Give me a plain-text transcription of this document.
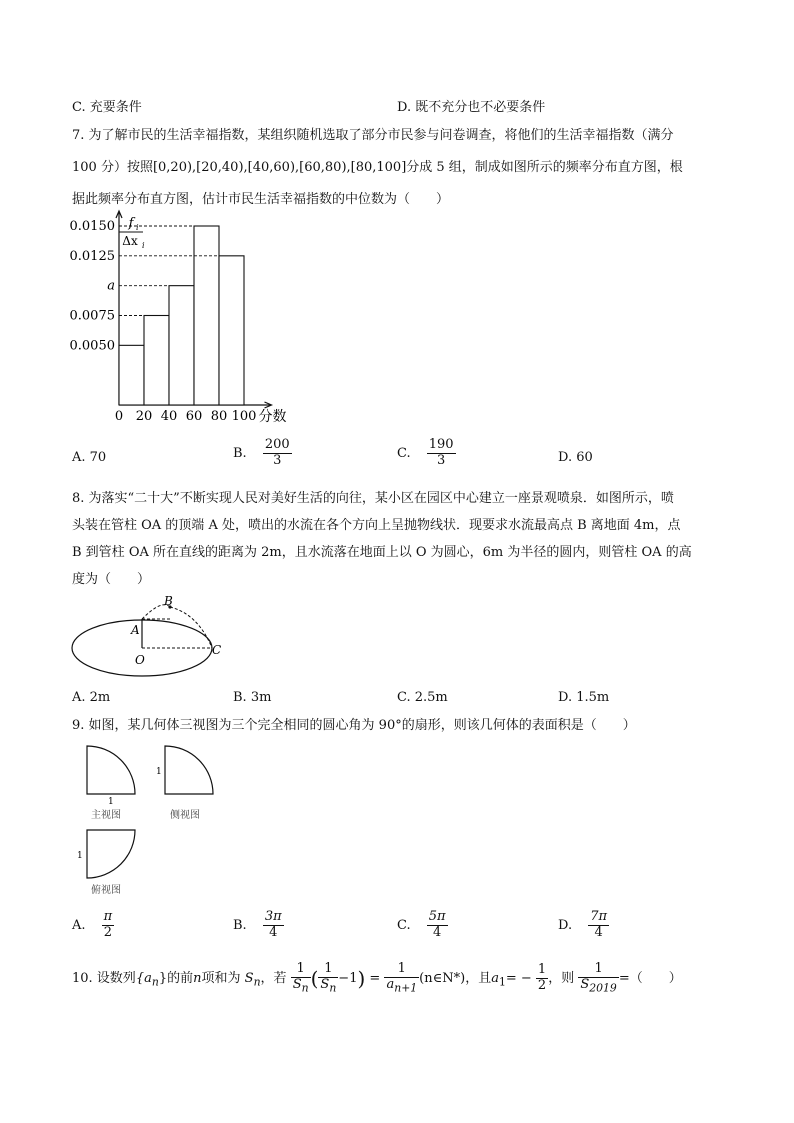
C. 充要条件	D. 既不充分也不必要条件
7. 为了解市民的生活幸福指数，某组织随机选取了部分市民参与问卷调查，将他们的生活幸福指数（满分
100 分）按照[0,20),[20,40),[40,60),[60,80),[80,100]分成 5 组，制成如图所示的频率分布直方图，根
据此频率分布直方图，估计市民生活幸福指数的中位数为（　　）
0.0150
0.0125
a
0.0075
0.0050
0 20 40 60 80 100 分数
f i
Δx i
A. 70	B. $\frac{200}{3}$	C. $\frac{190}{3}$	D. 60
8. 为落实“二十大”不断实现人民对美好生活的向往，某小区在园区中心建立一座景观喷泉．如图所示，喷
头装在管柱 OA 的顶端 A 处，喷出的水流在各个方向上呈抛物线状．现要求水流最高点 B 离地面 4m，点
B 到管柱 OA 所在直线的距离为 2m，且水流落在地面上以 O 为圆心，6m 为半径的圆内，则管柱 OA 的高
度为（　　）
B
A
O
C
A. 2m	B. 3m	C. 2.5m	D. 1.5m
9. 如图，某几何体三视图为三个完全相同的圆心角为 90°的扇形，则该几何体的表面积是（　　）
1
主视图
1
侧视图
1
俯视图
A. $\frac{\pi}{2}$	B. $\frac{3\pi}{4}$	C. $\frac{5\pi}{4}$	D. $\frac{7\pi}{4}$
10. 设数列$\{a_n\}$的前n项和为 $S_n$，若 $\frac{1}{S_n}$ ( $\frac{1}{S_n} -1) = \frac{1}{a_{n+1}}$ (n∈N*)，且$a_1= - \frac{1}{2}$ ，则 $\frac{1}{S_{2019}}$ =（　　）
